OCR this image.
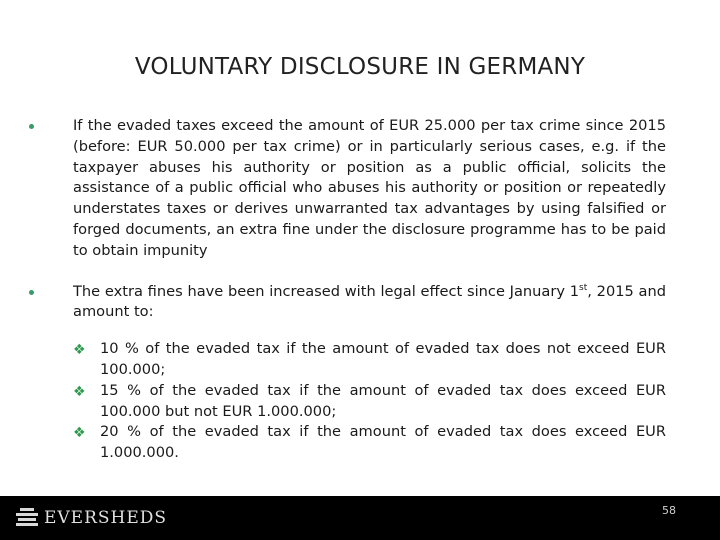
VOLUNTARY DISCLOSURE IN GERMANY
If the evaded taxes exceed the amount of EUR 25.000 per tax crime since 2015 (before: EUR 50.000 per tax crime) or in particularly serious cases, e.g. if the taxpayer abuses his authority or position as a public official, solicits the assistance of a public official who abuses his authority or position or repeatedly understates taxes or derives unwarranted tax advantages by using falsified or forged documents, an extra fine under the disclosure programme has to be paid to obtain impunity
The extra fines have been increased with legal effect since January 1st, 2015 and amount to:
❖ 10 % of the evaded tax if the amount of evaded tax does not exceed EUR 100.000;
❖ 15 % of the evaded tax if the amount of evaded tax does exceed EUR 100.000 but not EUR 1.000.000;
❖ 20 % of the evaded tax if the amount of evaded tax does exceed EUR 1.000.000.
EVERSHEDS	58
